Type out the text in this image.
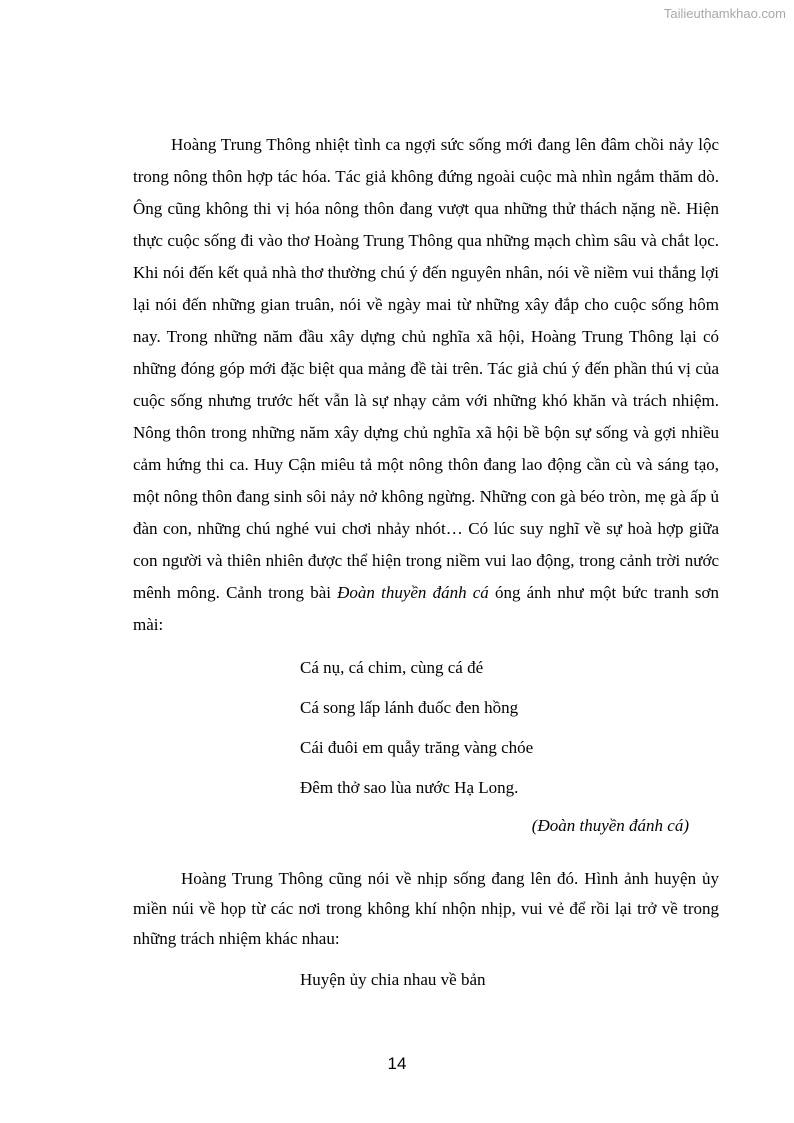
Tailieuthamkhao.com

Hoàng Trung Thông nhiệt tình ca ngợi sức sống mới đang lên đâm chồi nảy lộc trong nông thôn hợp tác hóa. Tác giả không đứng ngoài cuộc mà nhìn ngắm thăm dò. Ông cũng không thi vị hóa nông thôn đang vượt qua những thử thách nặng nề. Hiện thực cuộc sống đi vào thơ Hoàng Trung Thông qua những mạch chìm sâu và chắt lọc. Khi nói đến kết quả nhà thơ thường chú ý đến nguyên nhân, nói về niềm vui thắng lợi lại nói đến những gian truân, nói về ngày mai từ những xây đắp cho cuộc sống hôm nay. Trong những năm đầu xây dựng chủ nghĩa xã hội, Hoàng Trung Thông lại có những đóng góp mới đặc biệt qua mảng đề tài trên. Tác giả chú ý đến phần thú vị của cuộc sống nhưng trước hết vẫn là sự nhạy cảm với những khó khăn và trách nhiệm. Nông thôn trong những năm xây dựng chủ nghĩa xã hội bề bộn sự sống và gợi nhiều cảm hứng thi ca. Huy Cận miêu tả một nông thôn đang lao động cần cù và sáng tạo, một nông thôn đang sinh sôi nảy nở không ngừng. Những con gà béo tròn, mẹ gà ấp ủ đàn con, những chú nghé vui chơi nhảy nhót… Có lúc suy nghĩ về sự hoà hợp giữa con người và thiên nhiên được thể hiện trong niềm vui lao động, trong cảnh trời nước mênh mông. Cảnh trong bài Đoàn thuyền đánh cá óng ánh như một bức tranh sơn mài:

Cá nụ, cá chim, cùng cá đé
Cá song lấp lánh đuốc đen hồng
Cái đuôi em quẫy trăng vàng chóe
Đêm thở sao lùa nước Hạ Long.
(Đoàn thuyền đánh cá)

Hoàng Trung Thông cũng nói về nhịp sống đang lên đó. Hình ảnh huyện ủy miền núi về họp từ các nơi trong không khí nhộn nhịp, vui vẻ để rồi lại trở về trong những trách nhiệm khác nhau:

Huyện ủy chia nhau về bản
14
